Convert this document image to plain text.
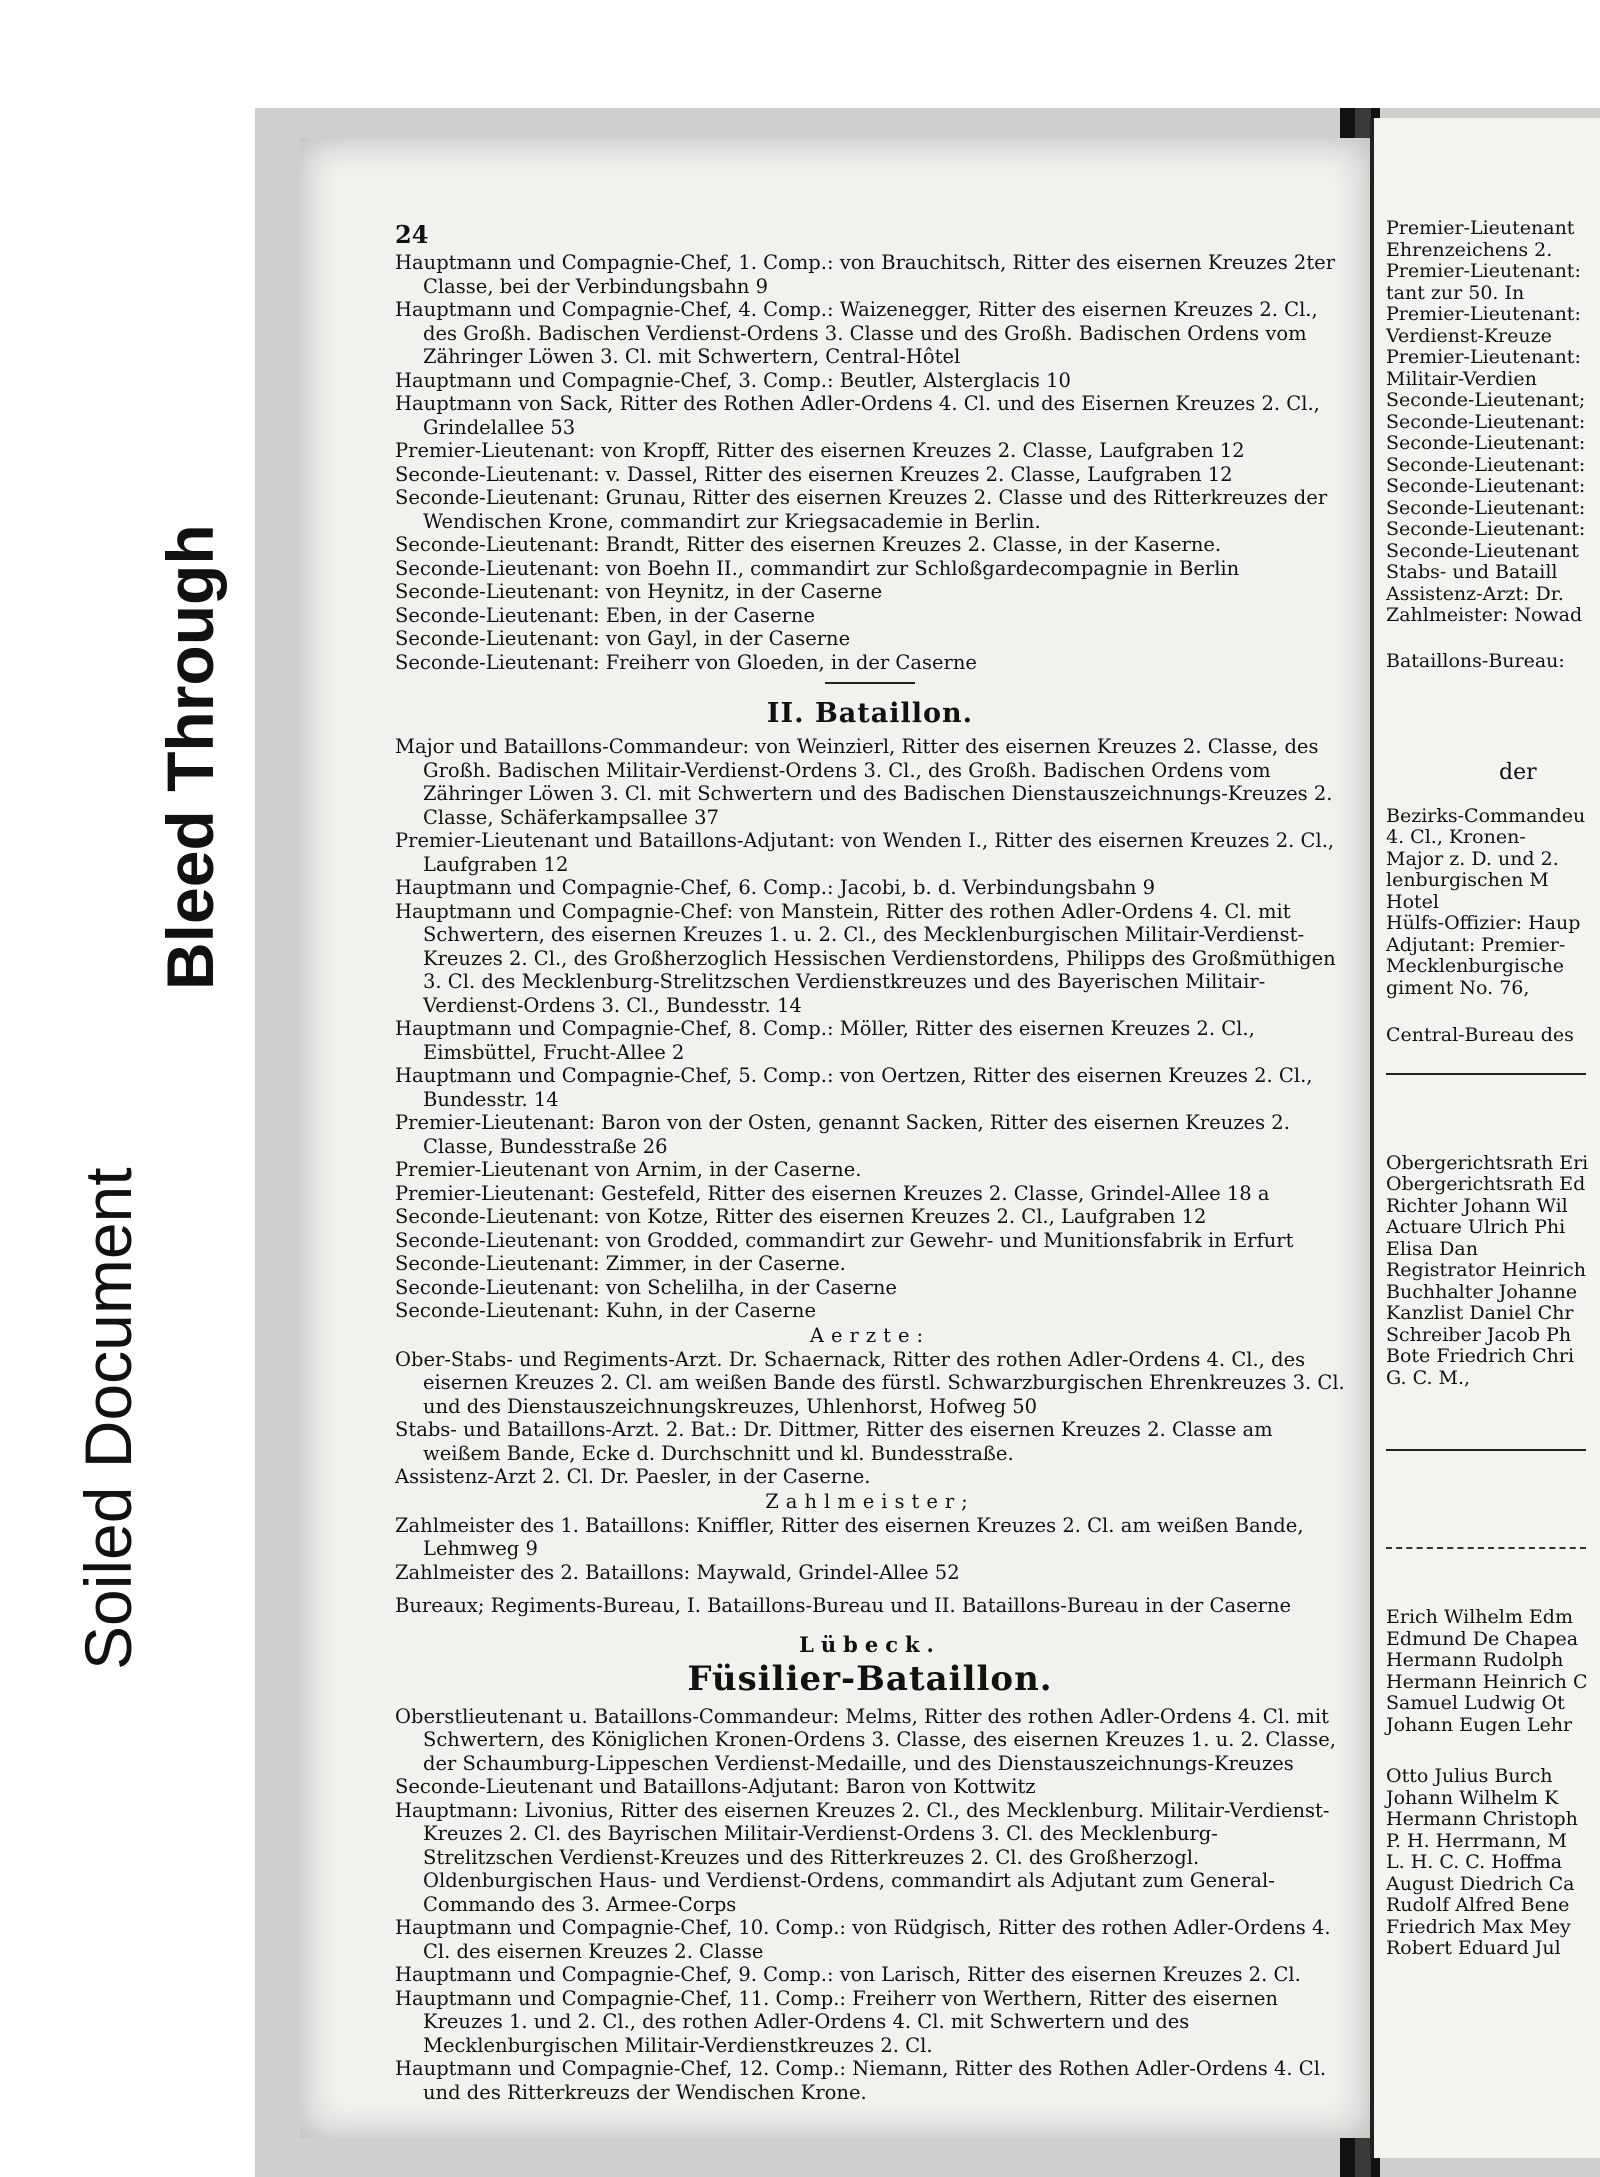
Soiled Document
Bleed Through
24

Hauptmann und Compagnie-Chef, 1. Comp.: von Brauchitsch, Ritter des eisernen Kreuzes 2ter Classe, bei der Verbindungsbahn 9

Hauptmann und Compagnie-Chef, 4. Comp.: Waizenegger, Ritter des eisernen Kreuzes 2. Cl., des Großh. Badischen Verdienst-Ordens 3. Classe und des Großh. Badischen Ordens vom Zähringer Löwen 3. Cl. mit Schwertern, Central-Hôtel

Hauptmann und Compagnie-Chef, 3. Comp.: Beutler, Alsterglacis 10

Hauptmann von Sack, Ritter des Rothen Adler-Ordens 4. Cl. und des Eisernen Kreuzes 2. Cl., Grindelallee 53

Premier-Lieutenant: von Kropff, Ritter des eisernen Kreuzes 2. Classe, Laufgraben 12

Seconde-Lieutenant: v. Dassel, Ritter des eisernen Kreuzes 2. Classe, Laufgraben 12

Seconde-Lieutenant: Grunau, Ritter des eisernen Kreuzes 2. Classe und des Ritterkreuzes der Wendischen Krone, commandirt zur Kriegsacademie in Berlin.

Seconde-Lieutenant: Brandt, Ritter des eisernen Kreuzes 2. Classe, in der Kaserne.

Seconde-Lieutenant: von Boehn II., commandirt zur Schloßgardecompagnie in Berlin

Seconde-Lieutenant: von Heynitz, in der Caserne

Seconde-Lieutenant: Eben, in der Caserne

Seconde-Lieutenant: von Gayl, in der Caserne

Seconde-Lieutenant: Freiherr von Gloeden, in der Caserne

II. Bataillon.

Major und Bataillons-Commandeur: von Weinzierl, Ritter des eisernen Kreuzes 2. Classe, des Großh. Badischen Militair-Verdienst-Ordens 3. Cl., des Großh. Badischen Ordens vom Zähringer Löwen 3. Cl. mit Schwertern und des Badischen Dienstauszeichnungs-Kreuzes 2. Classe, Schäferkampsallee 37

Premier-Lieutenant und Bataillons-Adjutant: von Wenden I., Ritter des eisernen Kreuzes 2. Cl., Laufgraben 12

Hauptmann und Compagnie-Chef, 6. Comp.: Jacobi, b. d. Verbindungsbahn 9

Hauptmann und Compagnie-Chef: von Manstein, Ritter des rothen Adler-Ordens 4. Cl. mit Schwertern, des eisernen Kreuzes 1. u. 2. Cl., des Mecklenburgischen Militair-Verdienst-Kreuzes 2. Cl., des Großherzoglich Hessischen Verdienstordens, Philipps des Großmüthigen 3. Cl. des Mecklenburg-Strelitzschen Verdienstkreuzes und des Bayerischen Militair-Verdienst-Ordens 3. Cl., Bundesstr. 14

Hauptmann und Compagnie-Chef, 8. Comp.: Möller, Ritter des eisernen Kreuzes 2. Cl., Eimsbüttel, Frucht-Allee 2

Hauptmann und Compagnie-Chef, 5. Comp.: von Oertzen, Ritter des eisernen Kreuzes 2. Cl., Bundesstr. 14

Premier-Lieutenant: Baron von der Osten, genannt Sacken, Ritter des eisernen Kreuzes 2. Classe, Bundesstraße 26

Premier-Lieutenant von Arnim, in der Caserne.

Premier-Lieutenant: Gestefeld, Ritter des eisernen Kreuzes 2. Classe, Grindel-Allee 18 a

Seconde-Lieutenant: von Kotze, Ritter des eisernen Kreuzes 2. Cl., Laufgraben 12

Seconde-Lieutenant: von Grodded, commandirt zur Gewehr- und Munitionsfabrik in Erfurt

Seconde-Lieutenant: Zimmer, in der Caserne.

Seconde-Lieutenant: von Schelilha, in der Caserne

Seconde-Lieutenant: Kuhn, in der Caserne

Aerzte:

Ober-Stabs- und Regiments-Arzt. Dr. Schaernack, Ritter des rothen Adler-Ordens 4. Cl., des eisernen Kreuzes 2. Cl. am weißen Bande des fürstl. Schwarzburgischen Ehrenkreuzes 3. Cl. und des Dienstauszeichnungskreuzes, Uhlenhorst, Hofweg 50

Stabs- und Bataillons-Arzt. 2. Bat.: Dr. Dittmer, Ritter des eisernen Kreuzes 2. Classe am weißem Bande, Ecke d. Durchschnitt und kl. Bundesstraße.

Assistenz-Arzt 2. Cl. Dr. Paesler, in der Caserne.

Zahlmeister;

Zahlmeister des 1. Bataillons: Kniffler, Ritter des eisernen Kreuzes 2. Cl. am weißen Bande, Lehmweg 9

Zahlmeister des 2. Bataillons: Maywald, Grindel-Allee 52

Bureaux; Regiments-Bureau, I. Bataillons-Bureau und II. Bataillons-Bureau in der Caserne

Lübeck.
Füsilier-Bataillon.

Oberstlieutenant u. Bataillons-Commandeur: Melms, Ritter des rothen Adler-Ordens 4. Cl. mit Schwertern, des Königlichen Kronen-Ordens 3. Classe, des eisernen Kreuzes 1. u. 2. Classe, der Schaumburg-Lippeschen Verdienst-Medaille, und des Dienstauszeichnungs-Kreuzes

Seconde-Lieutenant und Bataillons-Adjutant: Baron von Kottwitz

Hauptmann: Livonius, Ritter des eisernen Kreuzes 2. Cl., des Mecklenburg. Militair-Verdienst-Kreuzes 2. Cl. des Bayrischen Militair-Verdienst-Ordens 3. Cl. des Mecklenburg-Strelitzschen Verdienst-Kreuzes und des Ritterkreuzes 2. Cl. des Großherzogl. Oldenburgischen Haus- und Verdienst-Ordens, commandirt als Adjutant zum General-Commando des 3. Armee-Corps

Hauptmann und Compagnie-Chef, 10. Comp.: von Rüdgisch, Ritter des rothen Adler-Ordens 4. Cl. des eisernen Kreuzes 2. Classe

Hauptmann und Compagnie-Chef, 9. Comp.: von Larisch, Ritter des eisernen Kreuzes 2. Cl.

Hauptmann und Compagnie-Chef, 11. Comp.: Freiherr von Werthern, Ritter des eisernen Kreuzes 1. und 2. Cl., des rothen Adler-Ordens 4. Cl. mit Schwertern und des Mecklenburgischen Militair-Verdienstkreuzes 2. Cl.

Hauptmann und Compagnie-Chef, 12. Comp.: Niemann, Ritter des Rothen Adler-Ordens 4. Cl. und des Ritterkreuzs der Wendischen Krone.

Premier-Lieutenant
Ehrenzeichens 2.
Premier-Lieutenant:
tant zur 50. In
Premier-Lieutenant:
Verdienst-Kreuze
Premier-Lieutenant:
Militair-Verdien
Seconde-Lieutenant;
Seconde-Lieutenant:
Seconde-Lieutenant:
Seconde-Lieutenant:
Seconde-Lieutenant:
Seconde-Lieutenant:
Seconde-Lieutenant:
Seconde-Lieutenant
Stabs- und Bataill
Assistenz-Arzt: Dr.
Zahlmeister: Nowad
Bataillons-Bureau:
der
Bezirks-Commandeu
4. Cl., Kronen-
Major z. D. und 2.
lenburgischen M
Hotel
Hülfs-Offizier: Haup
Adjutant: Premier-
Mecklenburgische
giment No. 76,
Central-Bureau des
Obergerichtsrath Eri
Obergerichtsrath Ed
Richter Johann Wil
Actuare Ulrich Phi
Elisa Dan
Registrator Heinrich
Buchhalter Johanne
Kanzlist Daniel Chr
Schreiber Jacob Ph
Bote Friedrich Chri
G. C. M.,
Erich Wilhelm Edm
Edmund De Chapea
Hermann Rudolph
Hermann Heinrich C
Samuel Ludwig Ot
Johann Eugen Lehr
Otto Julius Burch
Johann Wilhelm K
Hermann Christoph
P. H. Herrmann, M
L. H. C. C. Hoffma
August Diedrich Ca
Rudolf Alfred Bene
Friedrich Max Mey
Robert Eduard Jul
